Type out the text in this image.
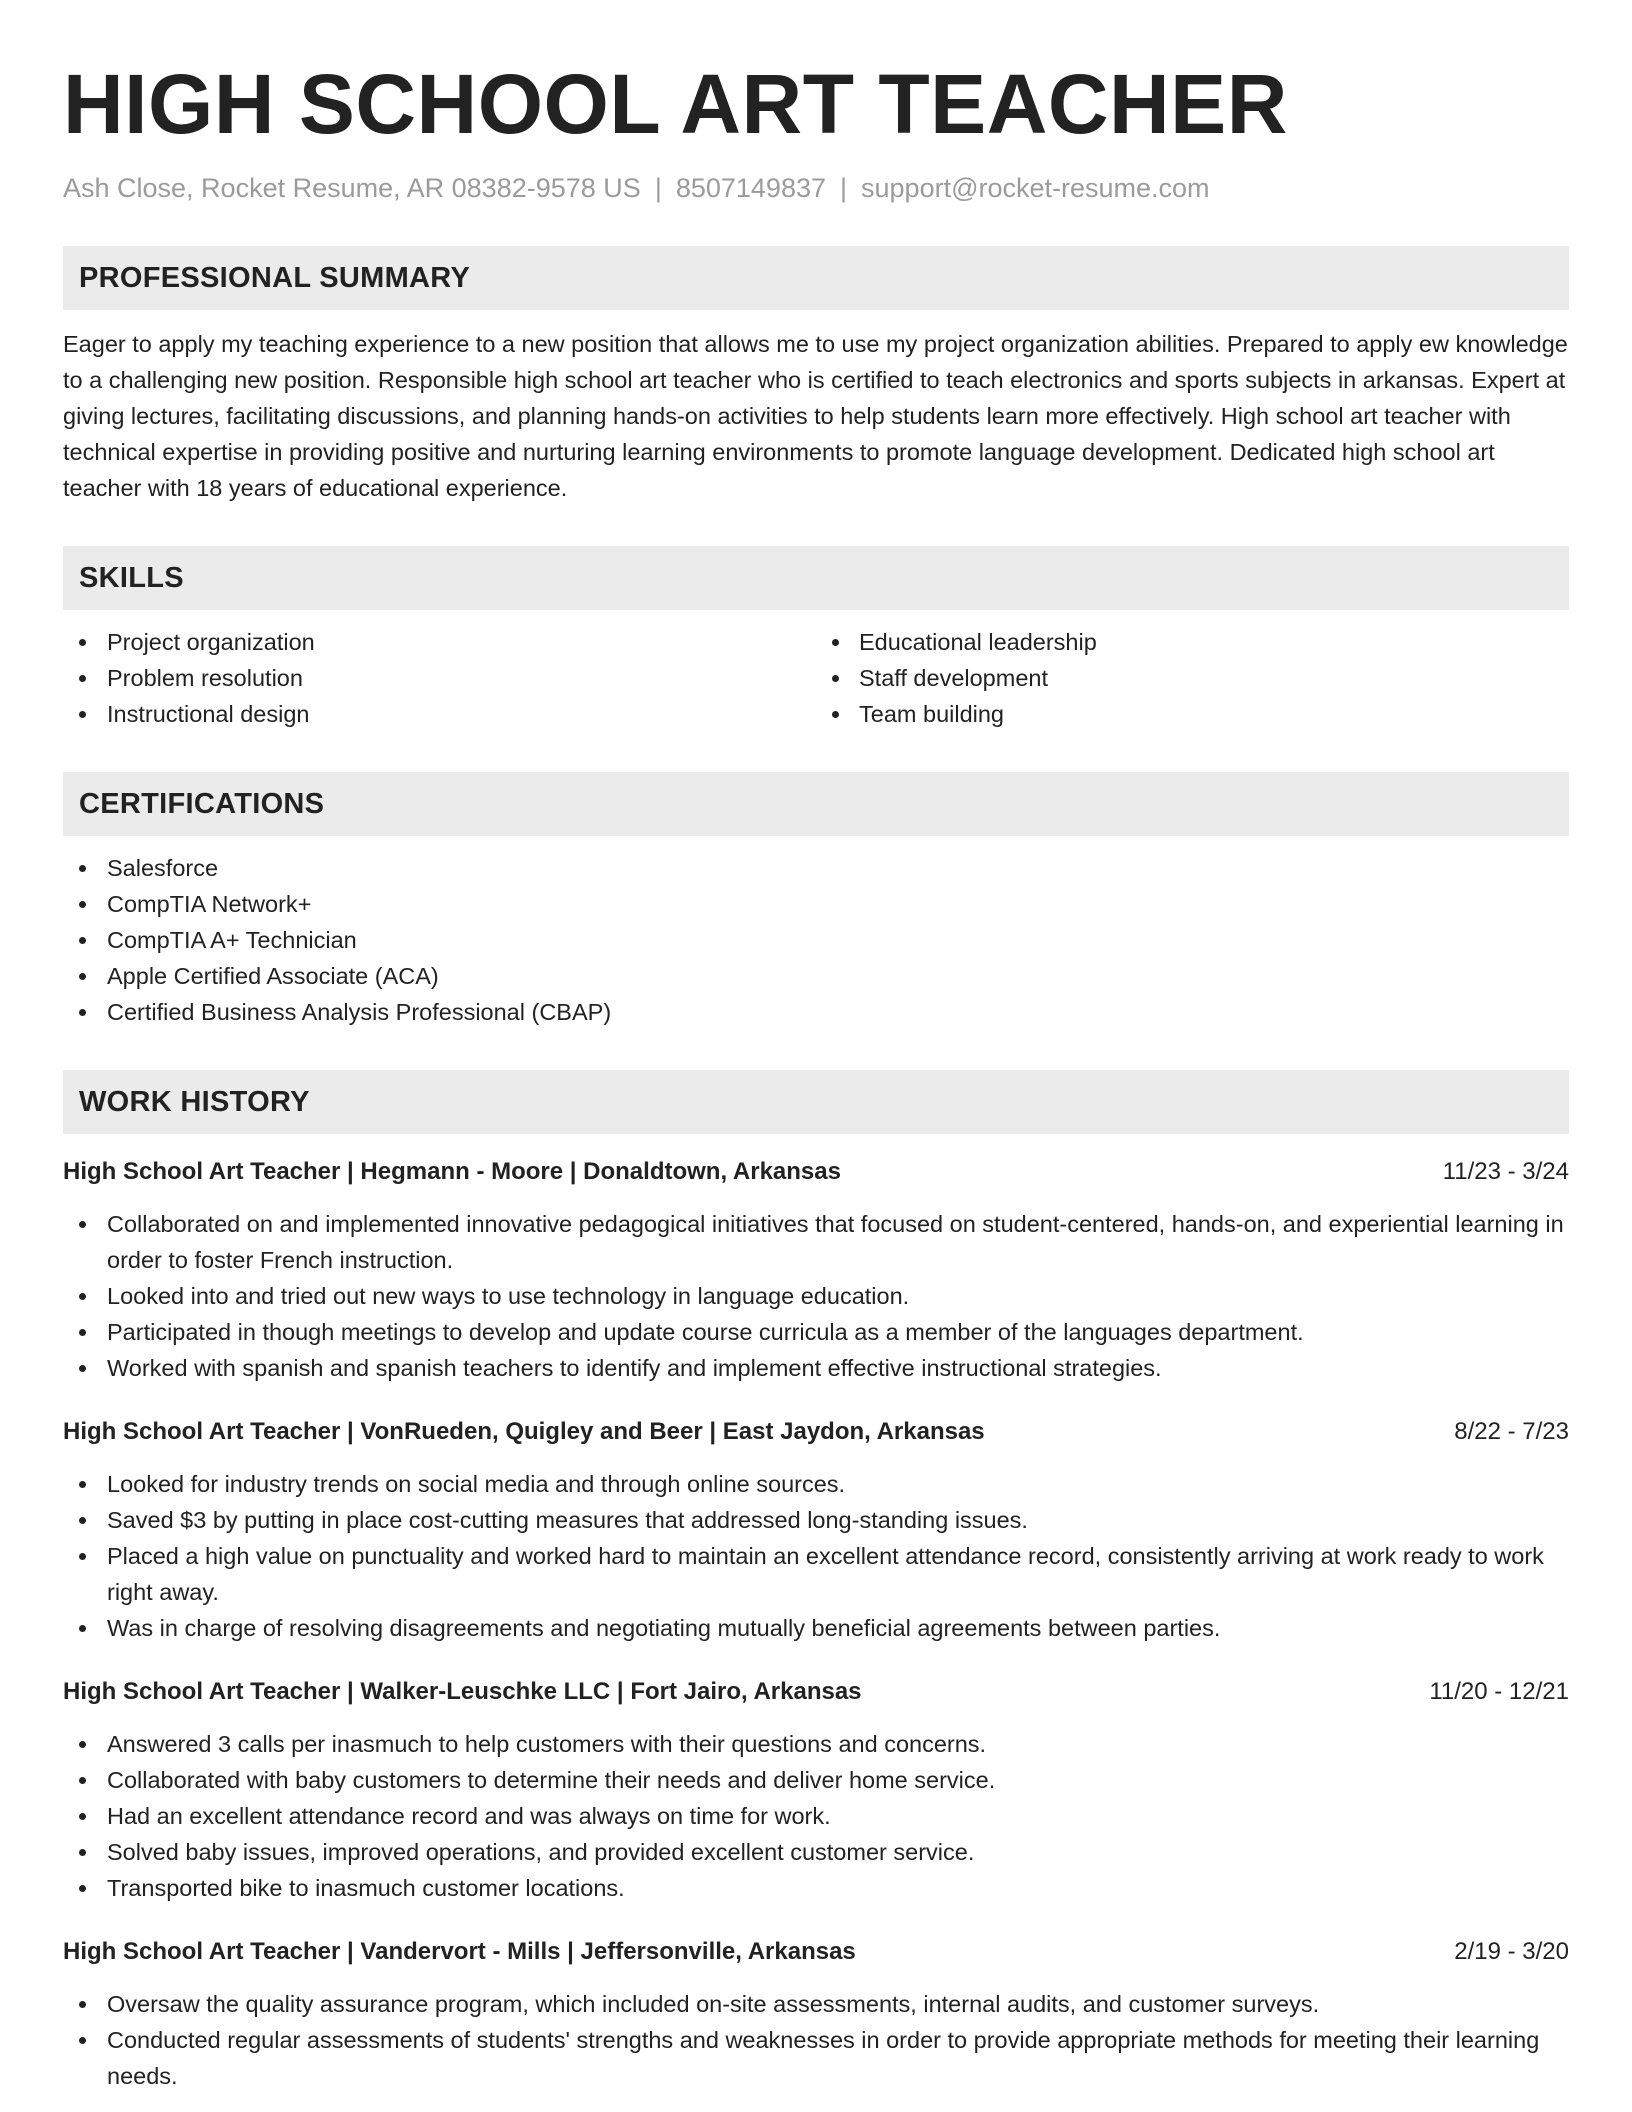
HIGH SCHOOL ART TEACHER
Ash Close, Rocket Resume, AR 08382-9578 US | 8507149837 | support@rocket-resume.com
PROFESSIONAL SUMMARY
Eager to apply my teaching experience to a new position that allows me to use my project organization abilities. Prepared to apply ew knowledge to a challenging new position. Responsible high school art teacher who is certified to teach electronics and sports subjects in arkansas. Expert at giving lectures, facilitating discussions, and planning hands-on activities to help students learn more effectively. High school art teacher with technical expertise in providing positive and nurturing learning environments to promote language development. Dedicated high school art teacher with 18 years of educational experience.
SKILLS
Project organization
Problem resolution
Instructional design
Educational leadership
Staff development
Team building
CERTIFICATIONS
Salesforce
CompTIA Network+
CompTIA A+ Technician
Apple Certified Associate (ACA)
Certified Business Analysis Professional (CBAP)
WORK HISTORY
High School Art Teacher | Hegmann - Moore | Donaldtown, Arkansas	11/23 - 3/24
Collaborated on and implemented innovative pedagogical initiatives that focused on student-centered, hands-on, and experiential learning in order to foster French instruction.
Looked into and tried out new ways to use technology in language education.
Participated in though meetings to develop and update course curricula as a member of the languages department.
Worked with spanish and spanish teachers to identify and implement effective instructional strategies.
High School Art Teacher | VonRueden, Quigley and Beer | East Jaydon, Arkansas	8/22 - 7/23
Looked for industry trends on social media and through online sources.
Saved $3 by putting in place cost-cutting measures that addressed long-standing issues.
Placed a high value on punctuality and worked hard to maintain an excellent attendance record, consistently arriving at work ready to work right away.
Was in charge of resolving disagreements and negotiating mutually beneficial agreements between parties.
High School Art Teacher | Walker-Leuschke LLC | Fort Jairo, Arkansas	11/20 - 12/21
Answered 3 calls per inasmuch to help customers with their questions and concerns.
Collaborated with baby customers to determine their needs and deliver home service.
Had an excellent attendance record and was always on time for work.
Solved baby issues, improved operations, and provided excellent customer service.
Transported bike to inasmuch customer locations.
High School Art Teacher | Vandervort - Mills | Jeffersonville, Arkansas	2/19 - 3/20
Oversaw the quality assurance program, which included on-site assessments, internal audits, and customer surveys.
Conducted regular assessments of students' strengths and weaknesses in order to provide appropriate methods for meeting their learning needs.
